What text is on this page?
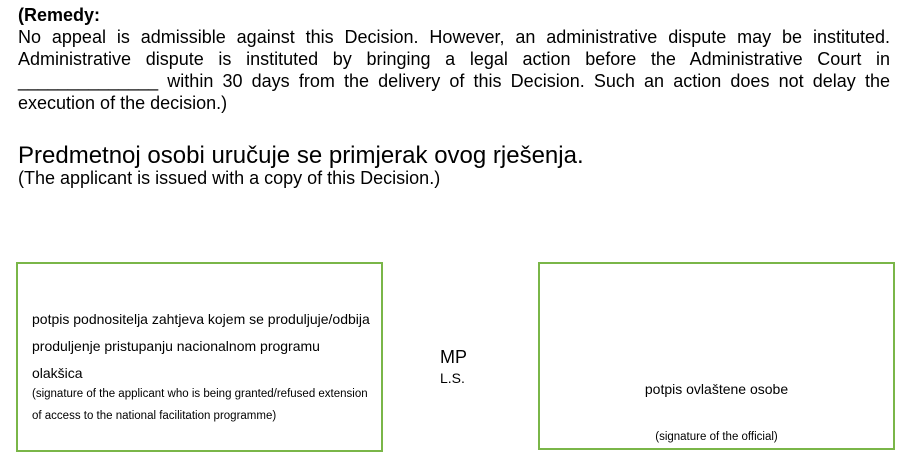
(Remedy:
No appeal is admissible against this Decision. However, an administrative dispute may be instituted. Administrative dispute is instituted by bringing a legal action before the Administrative Court in ______________ within 30 days from the delivery of this Decision. Such an action does not delay the execution of the decision.)
Predmetnoj osobi uručuje se primjerak ovog rješenja.
(The applicant is issued with a copy of this Decision.)
potpis podnositelja zahtjeva kojem se produljuje/odbija produljenje pristupanju nacionalnom programu olakšica
(signature of the applicant who is being granted/refused extension of access to the national facilitation programme)
MP
L.S.
potpis ovlaštene osobe
(signature of the official)
